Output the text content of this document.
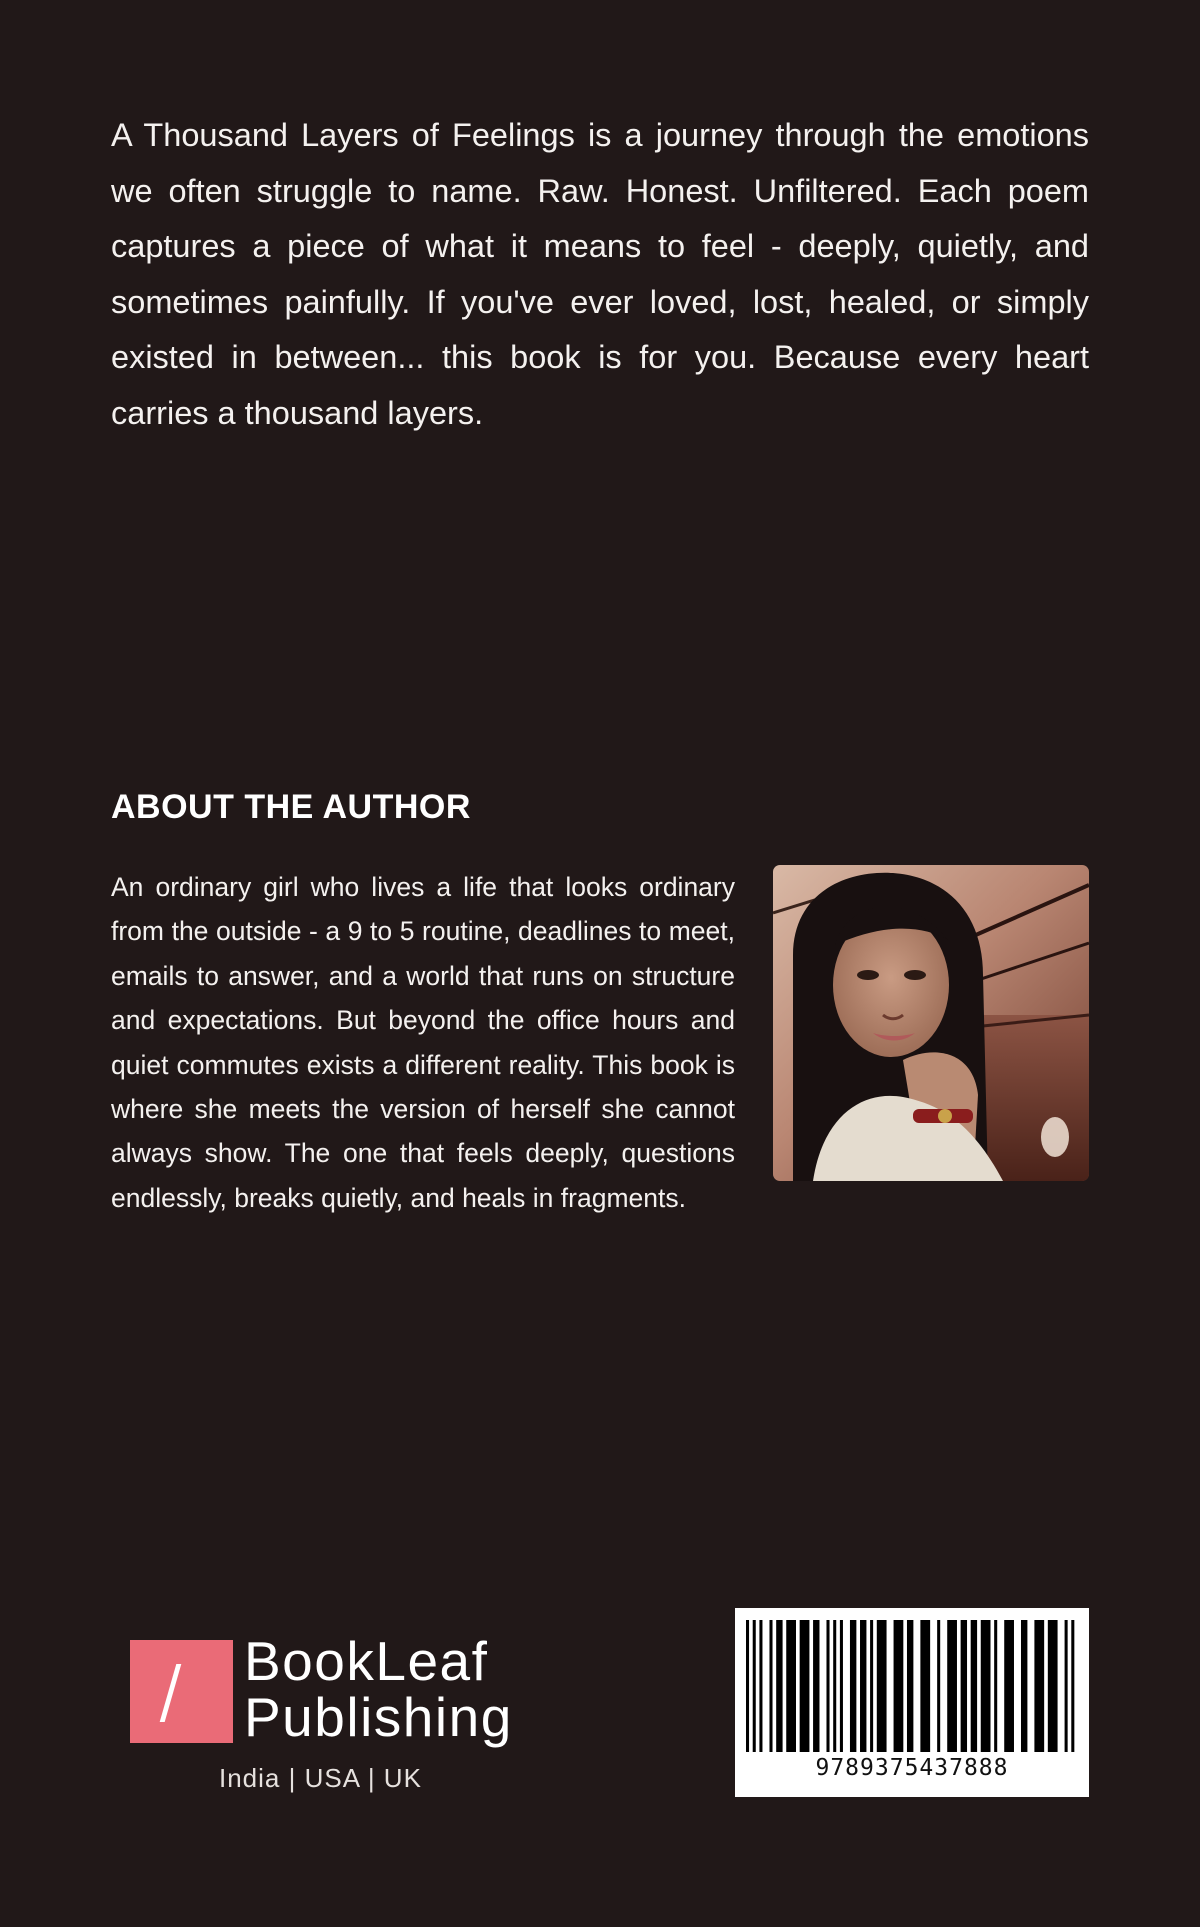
A Thousand Layers of Feelings is a journey through the emotions we often struggle to name. Raw. Honest. Unfiltered. Each poem captures a piece of what it means to feel - deeply, quietly, and sometimes painfully. If you've ever loved, lost, healed, or simply existed in between... this book is for you. Because every heart carries a thousand layers.
ABOUT THE AUTHOR
An ordinary girl who lives a life that looks ordinary from the outside - a 9 to 5 routine, deadlines to meet, emails to answer, and a world that runs on structure and expectations. But beyond the office hours and quiet commutes exists a different reality. This book is where she meets the version of herself she cannot always show. The one that feels deeply, questions endlessly, breaks quietly, and heals in fragments.
BookLeaf
Publishing
India | USA | UK	9789375437888
